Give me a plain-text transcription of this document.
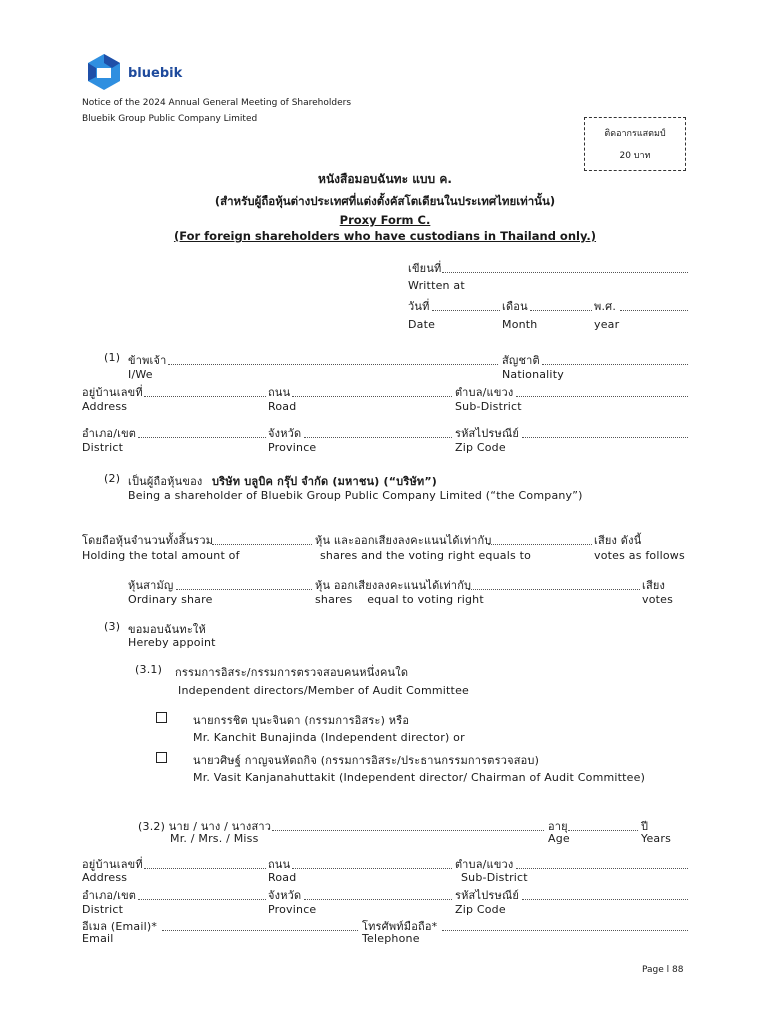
bluebik
Notice of the 2024 Annual General Meeting of Shareholders
Bluebik Group Public Company Limited
ติดอากรแสตมป์
20 บาท
หนังสือมอบฉันทะ แบบ ค.
(สำหรับผู้ถือหุ้นต่างประเทศที่แต่งตั้งคัสโตเดียนในประเทศไทยเท่านั้น)
Proxy Form C.
(For foreign shareholders who have custodians in Thailand only.)
เขียนที่
Written at
วันที่	เดือน	พ.ศ.
Date	Month	year
(1) ข้าพเจ้า	สัญชาติ
I/We	Nationality
อยู่บ้านเลขที่	ถนน	ตำบล/แขวง
Address	Road	Sub-District
อำเภอ/เขต	จังหวัด	รหัสไปรษณีย์
District	Province	Zip Code
(2) เป็นผู้ถือหุ้นของ บริษัท บลูบิค กรุ๊ป จำกัด (มหาชน) (“บริษัท”)
Being a shareholder of Bluebik Group Public Company Limited (“the Company”)
โดยถือหุ้นจำนวนทั้งสิ้นรวม	หุ้น และออกเสียงลงคะแนนได้เท่ากับ	เสียง ดังนี้
Holding the total amount of	shares and the voting right equals to	votes as follows
หุ้นสามัญ	หุ้น ออกเสียงลงคะแนนได้เท่ากับ	เสียง
Ordinary share	shares    equal to voting right	votes
(3) ขอมอบฉันทะให้
Hereby appoint
(3.1) กรรมการอิสระ/กรรมการตรวจสอบคนหนึ่งคนใด
Independent directors/Member of Audit Committee
นายกรรชิต บุนะจินดา (กรรมการอิสระ) หรือ
Mr. Kanchit Bunajinda (Independent director) or
นายวศิษฐ์ กาญจนหัตถกิจ (กรรมการอิสระ/ประธานกรรมการตรวจสอบ)
Mr. Vasit Kanjanahuttakit (Independent director/ Chairman of Audit Committee)
(3.2) นาย / นาง / นางสาว	อายุ	ปี
Mr. / Mrs. / Miss	Age	Years
อยู่บ้านเลขที่	ถนน	ตำบล/แขวง
Address	Road	Sub-District
อำเภอ/เขต	จังหวัด	รหัสไปรษณีย์
District	Province	Zip Code
อีเมล (Email)*	โทรศัพท์มือถือ*
Email	Telephone
Page l 88
